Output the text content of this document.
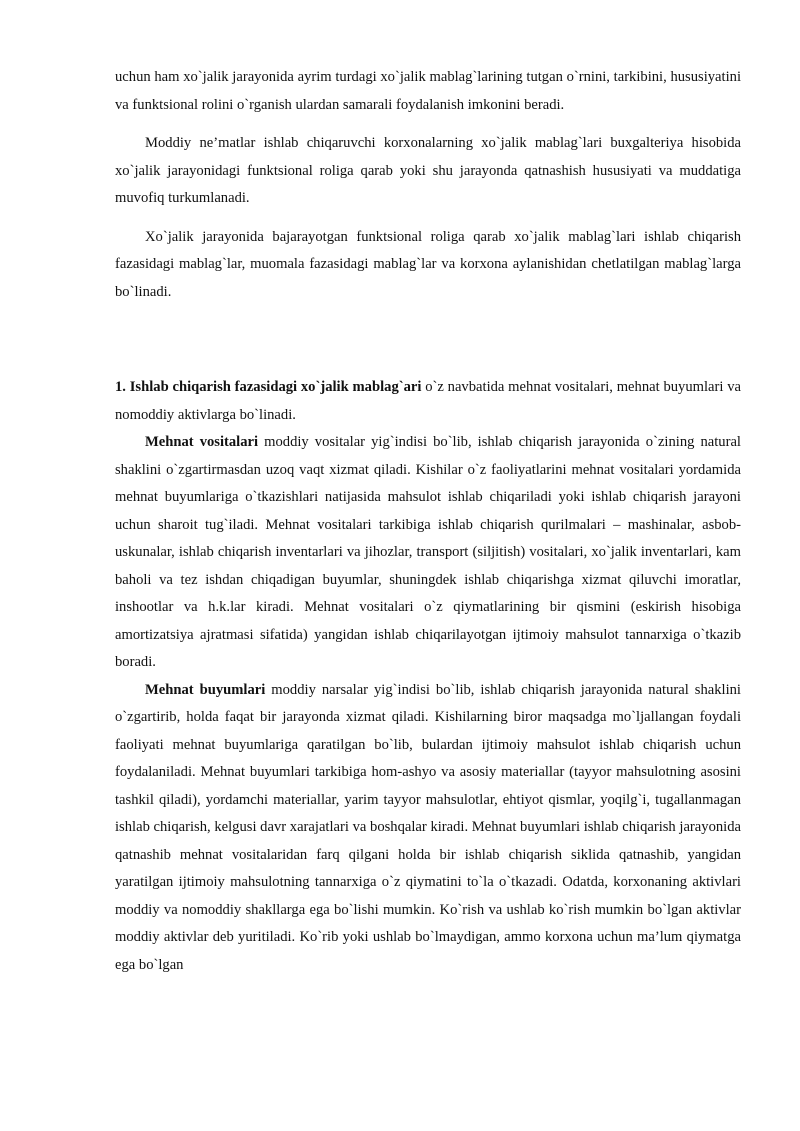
uchun ham xo`jalik jarayonida ayrim turdagi xo`jalik mablag`larining tutgan o`rnini, tarkibini, hususiyatini va funktsional rolini o`rganish ulardan samarali foydalanish imkonini beradi.

Moddiy ne’matlar ishlab chiqaruvchi korxonalarning xo`jalik mablag`lari buxgalteriya hisobida xo`jalik jarayonidagi funktsional roliga qarab yoki shu jarayonda qatnashish hususiyati va muddatiga muvofiq turkumlanadi.

Xo`jalik jarayonida bajarayotgan funktsional roliga qarab xo`jalik mablag`lari ishlab chiqarish fazasidagi mablag`lar, muomala fazasidagi mablag`lar va korxona aylanishidan chetlatilgan mablag`larga bo`linadi.

1. Ishlab chiqarish fazasidagi xo`jalik mablag`ari o`z navbatida mehnat vositalari, mehnat buyumlari va nomoddiy aktivlarga bo`linadi.

Mehnat vositalari moddiy vositalar yig`indisi bo`lib, ishlab chiqarish jarayonida o`zining natural shaklini o`zgartirmasdan uzoq vaqt xizmat qiladi. Kishilar o`z faoliyatlarini mehnat vositalari yordamida mehnat buyumlariga o`tkazishlari natijasida mahsulot ishlab chiqariladi yoki ishlab chiqarish jarayoni uchun sharoit tug`iladi. Mehnat vositalari tarkibiga ishlab chiqarish qurilmalari – mashinalar, asbob-uskunalar, ishlab chiqarish inventarlari va jihozlar, transport (siljitish) vositalari, xo`jalik inventarlari, kam baholi va tez ishdan chiqadigan buyumlar, shuningdek ishlab chiqarishga xizmat qiluvchi imoratlar, inshootlar va h.k.lar kiradi. Mehnat vositalari o`z qiymatlarining bir qismini (eskirish hisobiga amortizatsiya ajratmasi sifatida) yangidan ishlab chiqarilayotgan ijtimoiy mahsulot tannarxiga o`tkazib boradi.

Mehnat buyumlari moddiy narsalar yig`indisi bo`lib, ishlab chiqarish jarayonida natural shaklini o`zgartirib, holda faqat bir jarayonda xizmat qiladi. Kishilarning biror maqsadga mo`ljallangan foydali faoliyati mehnat buyumlariga qaratilgan bo`lib, bulardan ijtimoiy mahsulot ishlab chiqarish uchun foydalaniladi. Mehnat buyumlari tarkibiga hom-ashyo va asosiy materiallar (tayyor mahsulotning asosini tashkil qiladi), yordamchi materiallar, yarim tayyor mahsulotlar, ehtiyot qismlar, yoqilg`i, tugallanmagan ishlab chiqarish, kelgusi davr xarajatlari va boshqalar kiradi. Mehnat buyumlari ishlab chiqarish jarayonida qatnashib mehnat vositalaridan farq qilgani holda bir ishlab chiqarish siklida qatnashib, yangidan yaratilgan ijtimoiy mahsulotning tannarxiga o`z qiymatini to`la o`tkazadi. Odatda, korxonaning aktivlari moddiy va nomoddiy shakllarga ega bo`lishi mumkin. Ko`rish va ushlab ko`rish mumkin bo`lgan aktivlar moddiy aktivlar deb yuritiladi. Ko`rib yoki ushlab bo`lmaydigan, ammo korxona uchun ma’lum qiymatga ega bo`lgan
